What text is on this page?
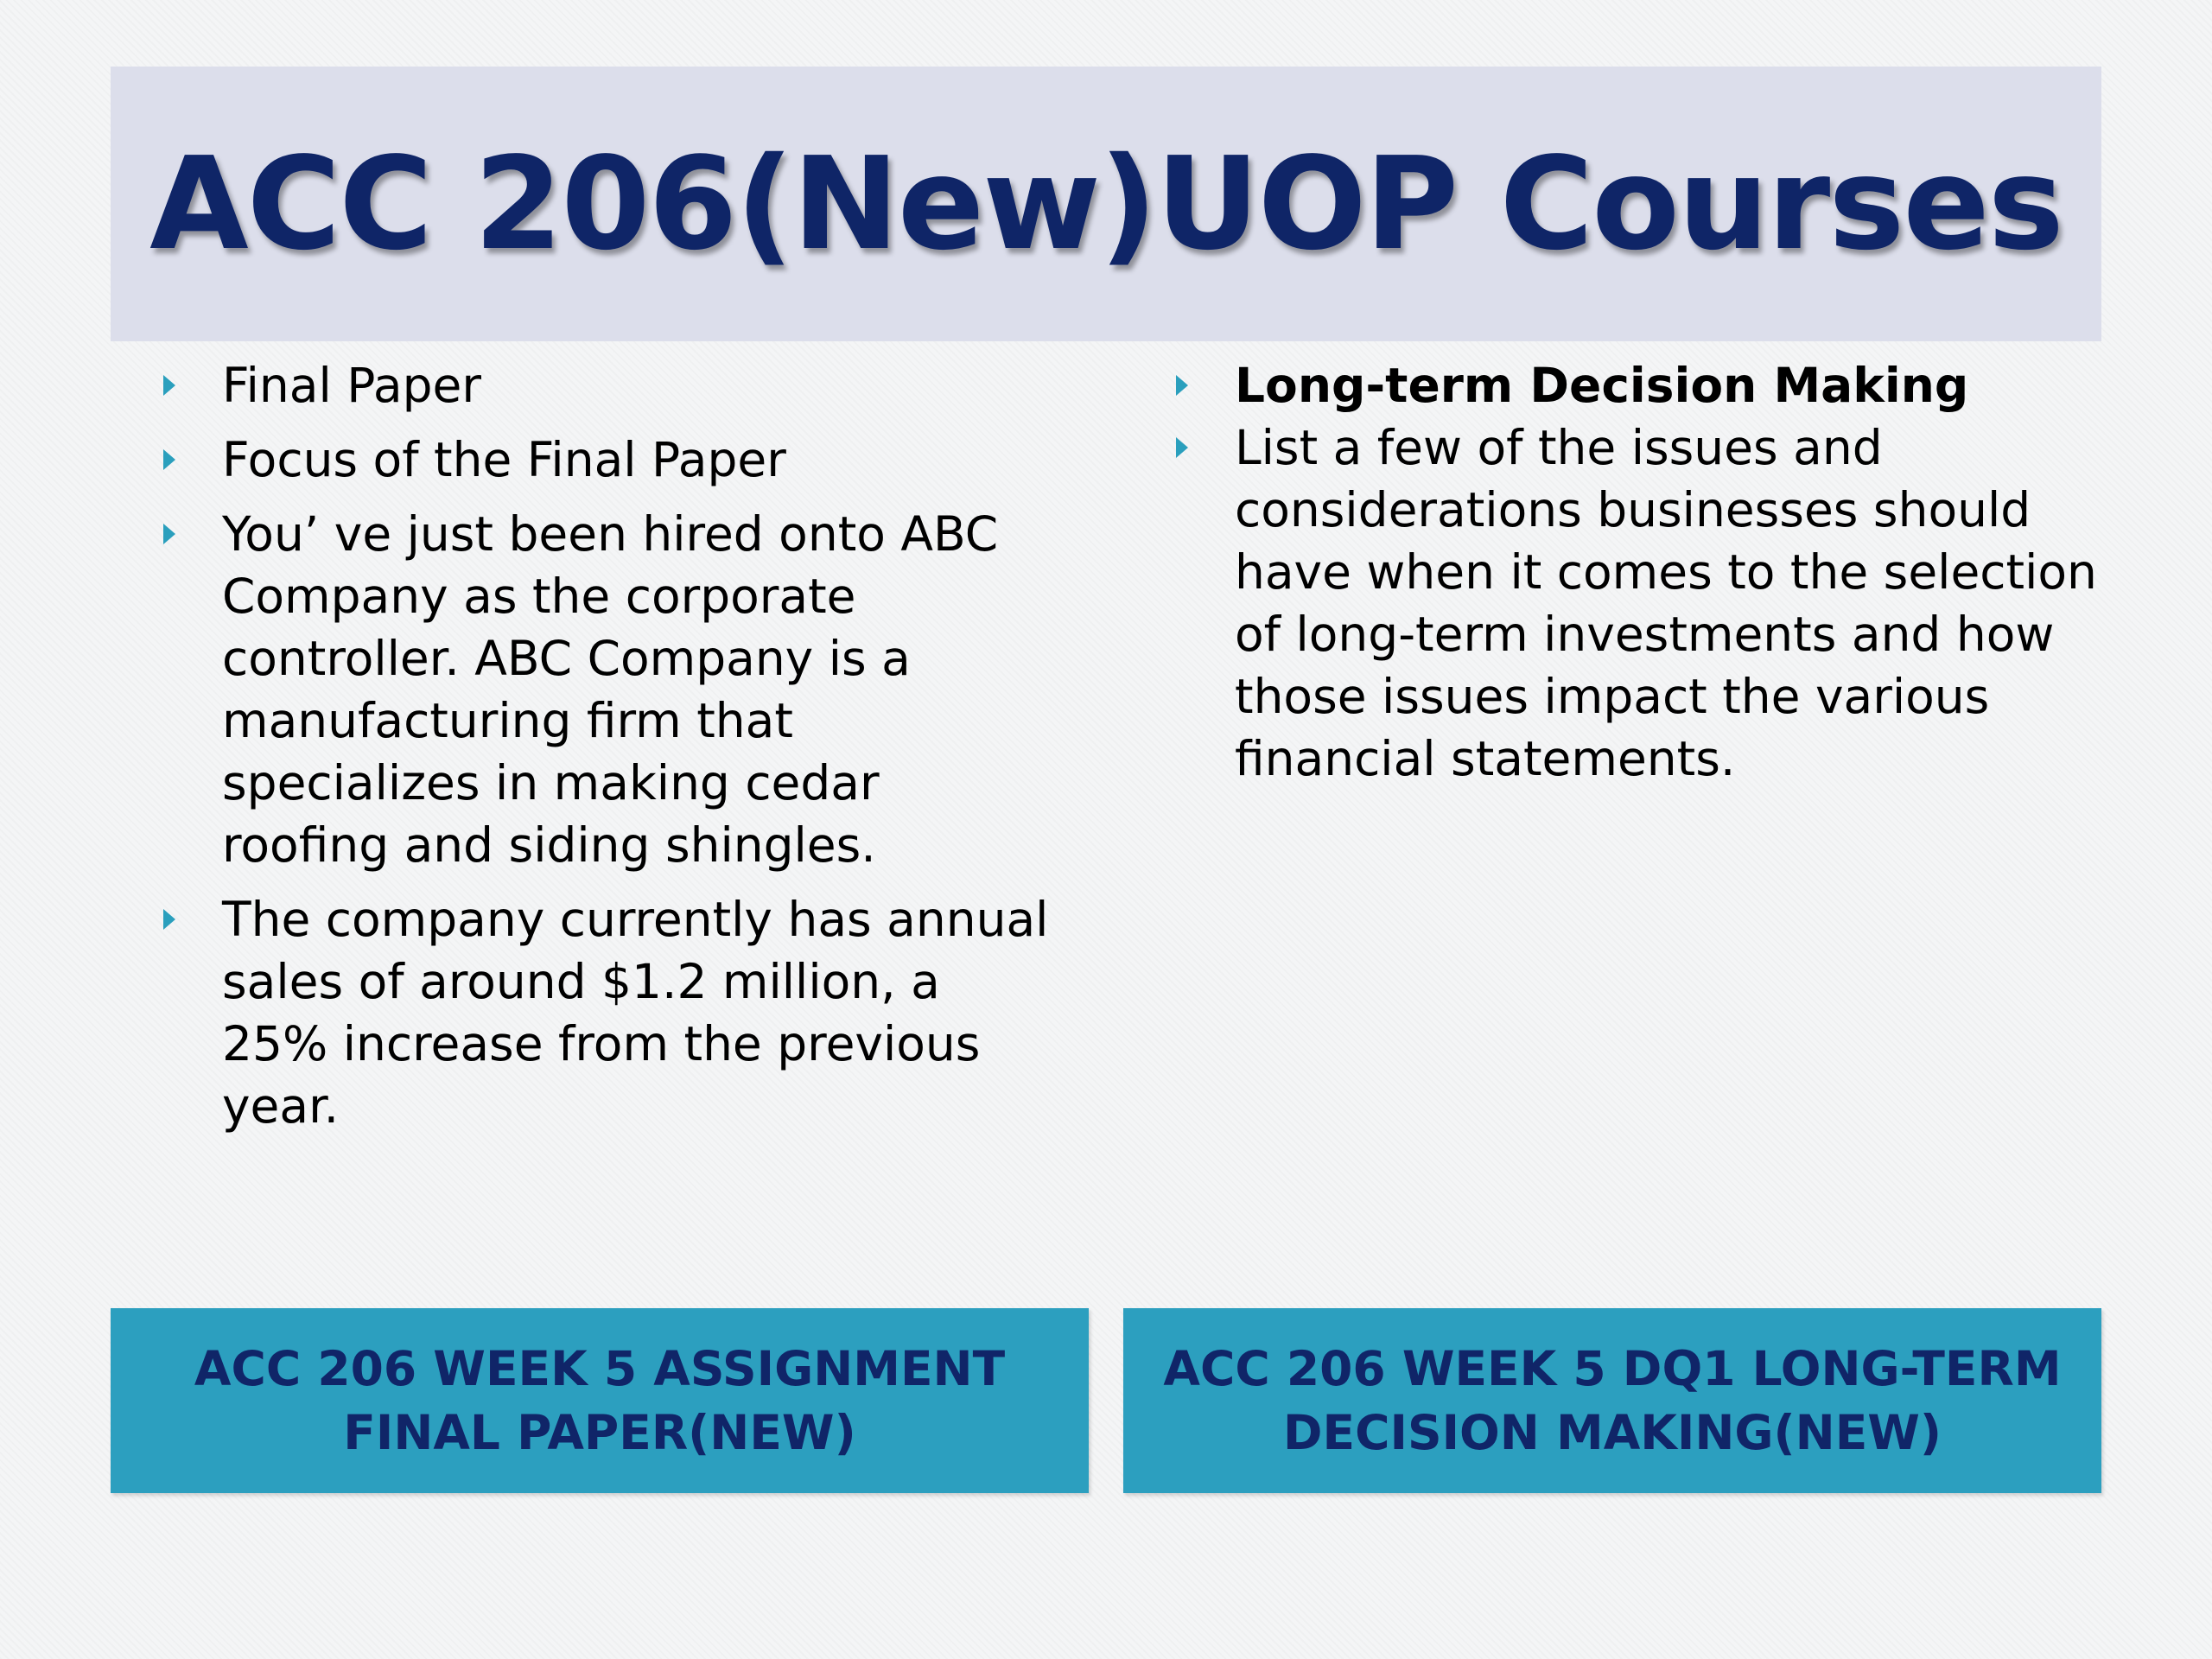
ACC 206(New)UOP Courses
Final Paper
Focus of the Final Paper
You’ ve just been hired onto ABC Company as the corporate controller. ABC Company is a manufacturing firm that specializes in making cedar roofing and siding shingles.
The company currently has annual sales of around $1.2 million, a 25% increase from the previous year.
Long-term Decision Making
List a few of the issues and considerations businesses should have when it comes to the selection of long-term investments and how those issues impact the various financial statements.
ACC 206 WEEK 5 ASSIGNMENT FINAL PAPER(NEW)
ACC 206 WEEK 5 DQ1 LONG-TERM DECISION MAKING(NEW)
